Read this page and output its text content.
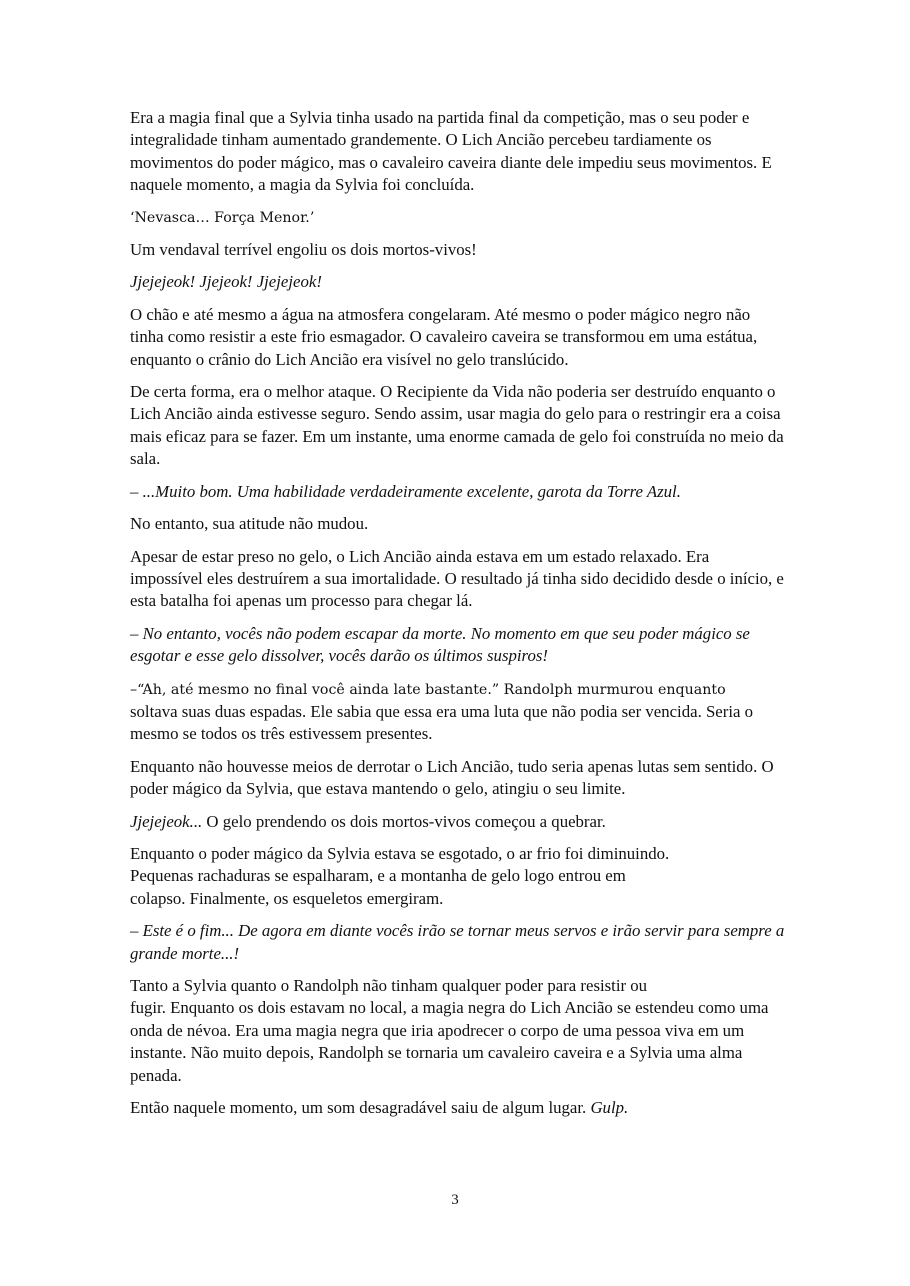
Era a magia final que a Sylvia tinha usado na partida final da competição, mas o seu poder e integralidade tinham aumentado grandemente. O Lich Ancião percebeu tardiamente os movimentos do poder mágico, mas o cavaleiro caveira diante dele impediu seus movimentos. E naquele momento, a magia da Sylvia foi concluída.

‘Nevasca… Força Menor.’

Um vendaval terrível engoliu os dois mortos-vivos!

Jjejejeok! Jjejeok! Jjejejeok!

O chão e até mesmo a água na atmosfera congelaram. Até mesmo o poder mágico negro não tinha como resistir a este frio esmagador. O cavaleiro caveira se transformou em uma estátua, enquanto o crânio do Lich Ancião era visível no gelo translúcido.

De certa forma, era o melhor ataque. O Recipiente da Vida não poderia ser destruído enquanto o Lich Ancião ainda estivesse seguro. Sendo assim, usar magia do gelo para o restringir era a coisa mais eficaz para se fazer. Em um instante, uma enorme camada de gelo foi construída no meio da sala.

– ...Muito bom. Uma habilidade verdadeiramente excelente, garota da Torre Azul.

No entanto, sua atitude não mudou.

Apesar de estar preso no gelo, o Lich Ancião ainda estava em um estado relaxado. Era impossível eles destruírem a sua imortalidade. O resultado já tinha sido decidido desde o início, e esta batalha foi apenas um processo para chegar lá.

– No entanto, vocês não podem escapar da morte. No momento em que seu poder mágico se esgotar e esse gelo dissolver, vocês darão os últimos suspiros!

–“Ah, até mesmo no final você ainda late bastante.” Randolph murmurou enquanto
soltava suas duas espadas. Ele sabia que essa era uma luta que não podia ser vencida. Seria o mesmo se todos os três estivessem presentes.

Enquanto não houvesse meios de derrotar o Lich Ancião, tudo seria apenas lutas sem sentido. O poder mágico da Sylvia, que estava mantendo o gelo, atingiu o seu limite.

Jjejejeok... O gelo prendendo os dois mortos-vivos começou a quebrar.

Enquanto o poder mágico da Sylvia estava se esgotado, o ar frio foi diminuindo.
Pequenas rachaduras se espalharam, e a montanha de gelo logo entrou em
colapso. Finalmente, os esqueletos emergiram.

– Este é o fim... De agora em diante vocês irão se tornar meus servos e irão servir para sempre a grande morte...!

Tanto a Sylvia quanto o Randolph não tinham qualquer poder para resistir ou
fugir. Enquanto os dois estavam no local, a magia negra do Lich Ancião se estendeu como uma onda de névoa. Era uma magia negra que iria apodrecer o corpo de uma pessoa viva em um instante. Não muito depois, Randolph se tornaria um cavaleiro caveira e a Sylvia uma alma penada.

Então naquele momento, um som desagradável saiu de algum lugar. Gulp.

3
